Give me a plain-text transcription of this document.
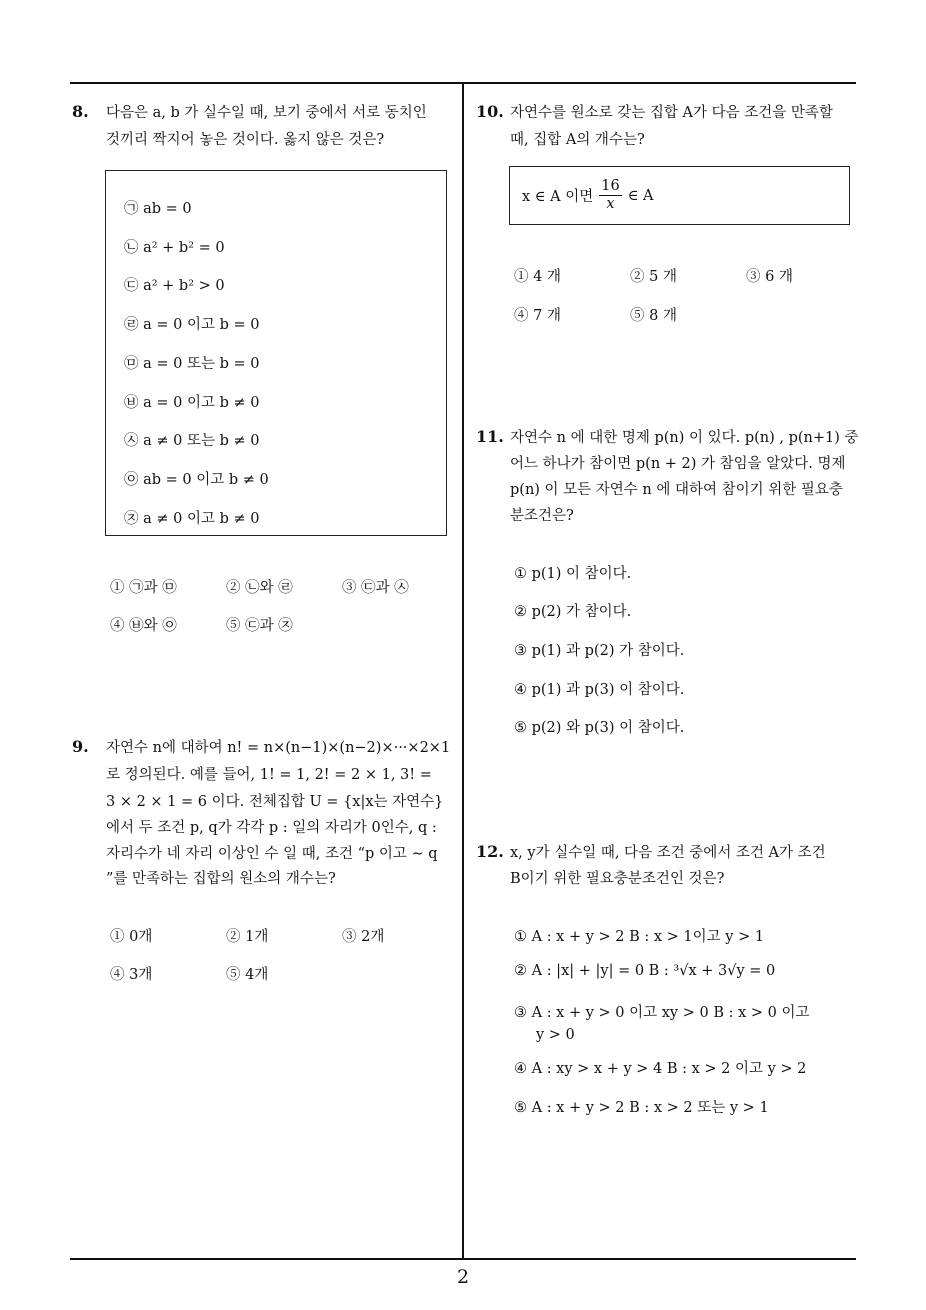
2
8. 다음은 a, b 가 실수일 때, 보기 중에서 서로 동치인
것끼리 짝지어 놓은 것이다. 옳지 않은 것은?
㉠ ab = 0
㉡ a² + b² = 0
㉢ a² + b² > 0
㉣ a = 0 이고 b = 0
㉤ a = 0 또는 b = 0
㉥ a = 0 이고 b ≠ 0
㉦ a ≠ 0 또는 b ≠ 0
㉧ ab = 0 이고 b ≠ 0
㉨ a ≠ 0 이고 b ≠ 0
① ㉠과 ㉤	② ㉡와 ㉣	③ ㉢과 ㉦
④ ㉥와 ㉧	⑤ ㉢과 ㉨
9. 자연수 n에 대하여 n! = n×(n−1)×(n−2)×···×2×1
로 정의된다. 예를 들어, 1! = 1, 2! = 2 × 1, 3! =
3 × 2 × 1 = 6 이다. 전체집합 U = {x|x는 자연수}
에서 두 조건 p, q가 각각 p : 일의 자리가 0인수, q :
자리수가 네 자리 이상인 수 일 때, 조건 “p 이고 ∼ q
”를 만족하는 집합의 원소의 개수는?
① 0개	② 1개	③ 2개
④ 3개	⑤ 4개
10. 자연수를 원소로 갖는 집합 A가 다음 조건을 만족할
때, 집합 A의 개수는?
x ∈ A 이면 $\frac{16}{x}$ ∈ A
① 4 개	② 5 개	③ 6 개
④ 7 개	⑤ 8 개
11. 자연수 n 에 대한 명제 p(n) 이 있다. p(n) , p(n+1) 중
어느 하나가 참이면 p(n + 2) 가 참임을 알았다. 명제
p(n) 이 모든 자연수 n 에 대하여 참이기 위한 필요충
분조건은?
① p(1) 이 참이다.
② p(2) 가 참이다.
③ p(1) 과 p(2) 가 참이다.
④ p(1) 과 p(3) 이 참이다.
⑤ p(2) 와 p(3) 이 참이다.
12. x, y가 실수일 때, 다음 조건 중에서 조건 A가 조건
B이기 위한 필요충분조건인 것은?
① A : x + y > 2 B : x > 1이고 y > 1
② A : |x| + |y| = 0 B : ³√x + 3√y = 0
③ A : x + y > 0 이고 xy > 0 B : x > 0 이고
y > 0
④ A : xy > x + y > 4 B : x > 2 이고 y > 2
⑤ A : x + y > 2 B : x > 2 또는 y > 1
